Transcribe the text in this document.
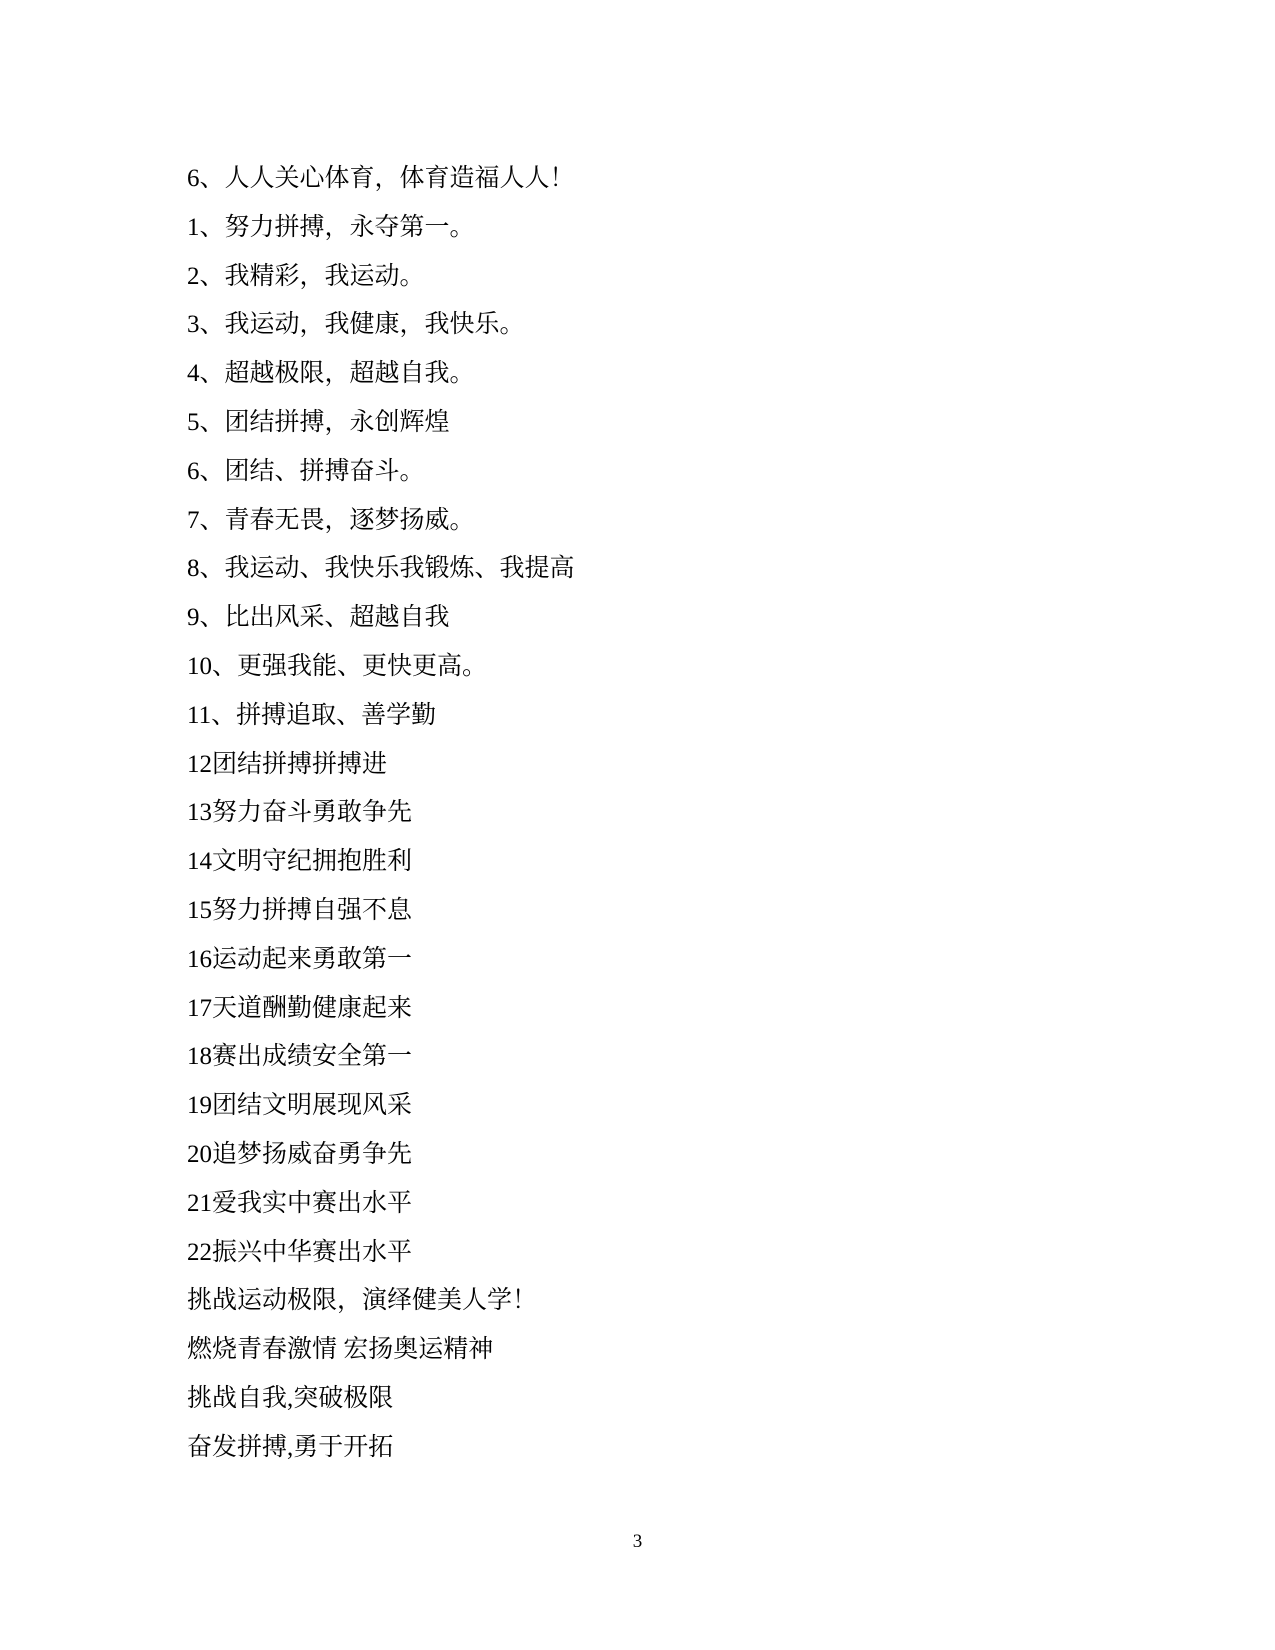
6、人人关心体育，体育造福人人！

1、努力拼搏，永夺第一。

2、我精彩，我运动。

3、我运动，我健康，我快乐。

4、超越极限，超越自我。

5、团结拼搏，永创辉煌

6、团结、拼搏奋斗。

7、青春无畏，逐梦扬威。

8、我运动、我快乐我锻炼、我提高

9、比出风采、超越自我

10、更强我能、更快更高。

11、拼搏追取、善学勤

12团结拼搏拼搏进

13努力奋斗勇敢争先

14文明守纪拥抱胜利

15努力拼搏自强不息

16运动起来勇敢第一

17天道酬勤健康起来

18赛出成绩安全第一

19团结文明展现风采

20追梦扬威奋勇争先

21爱我实中赛出水平

22振兴中华赛出水平

挑战运动极限，演绎健美人学！

燃烧青春激情 宏扬奥运精神

挑战自我,突破极限

奋发拼搏,勇于开拓

3
